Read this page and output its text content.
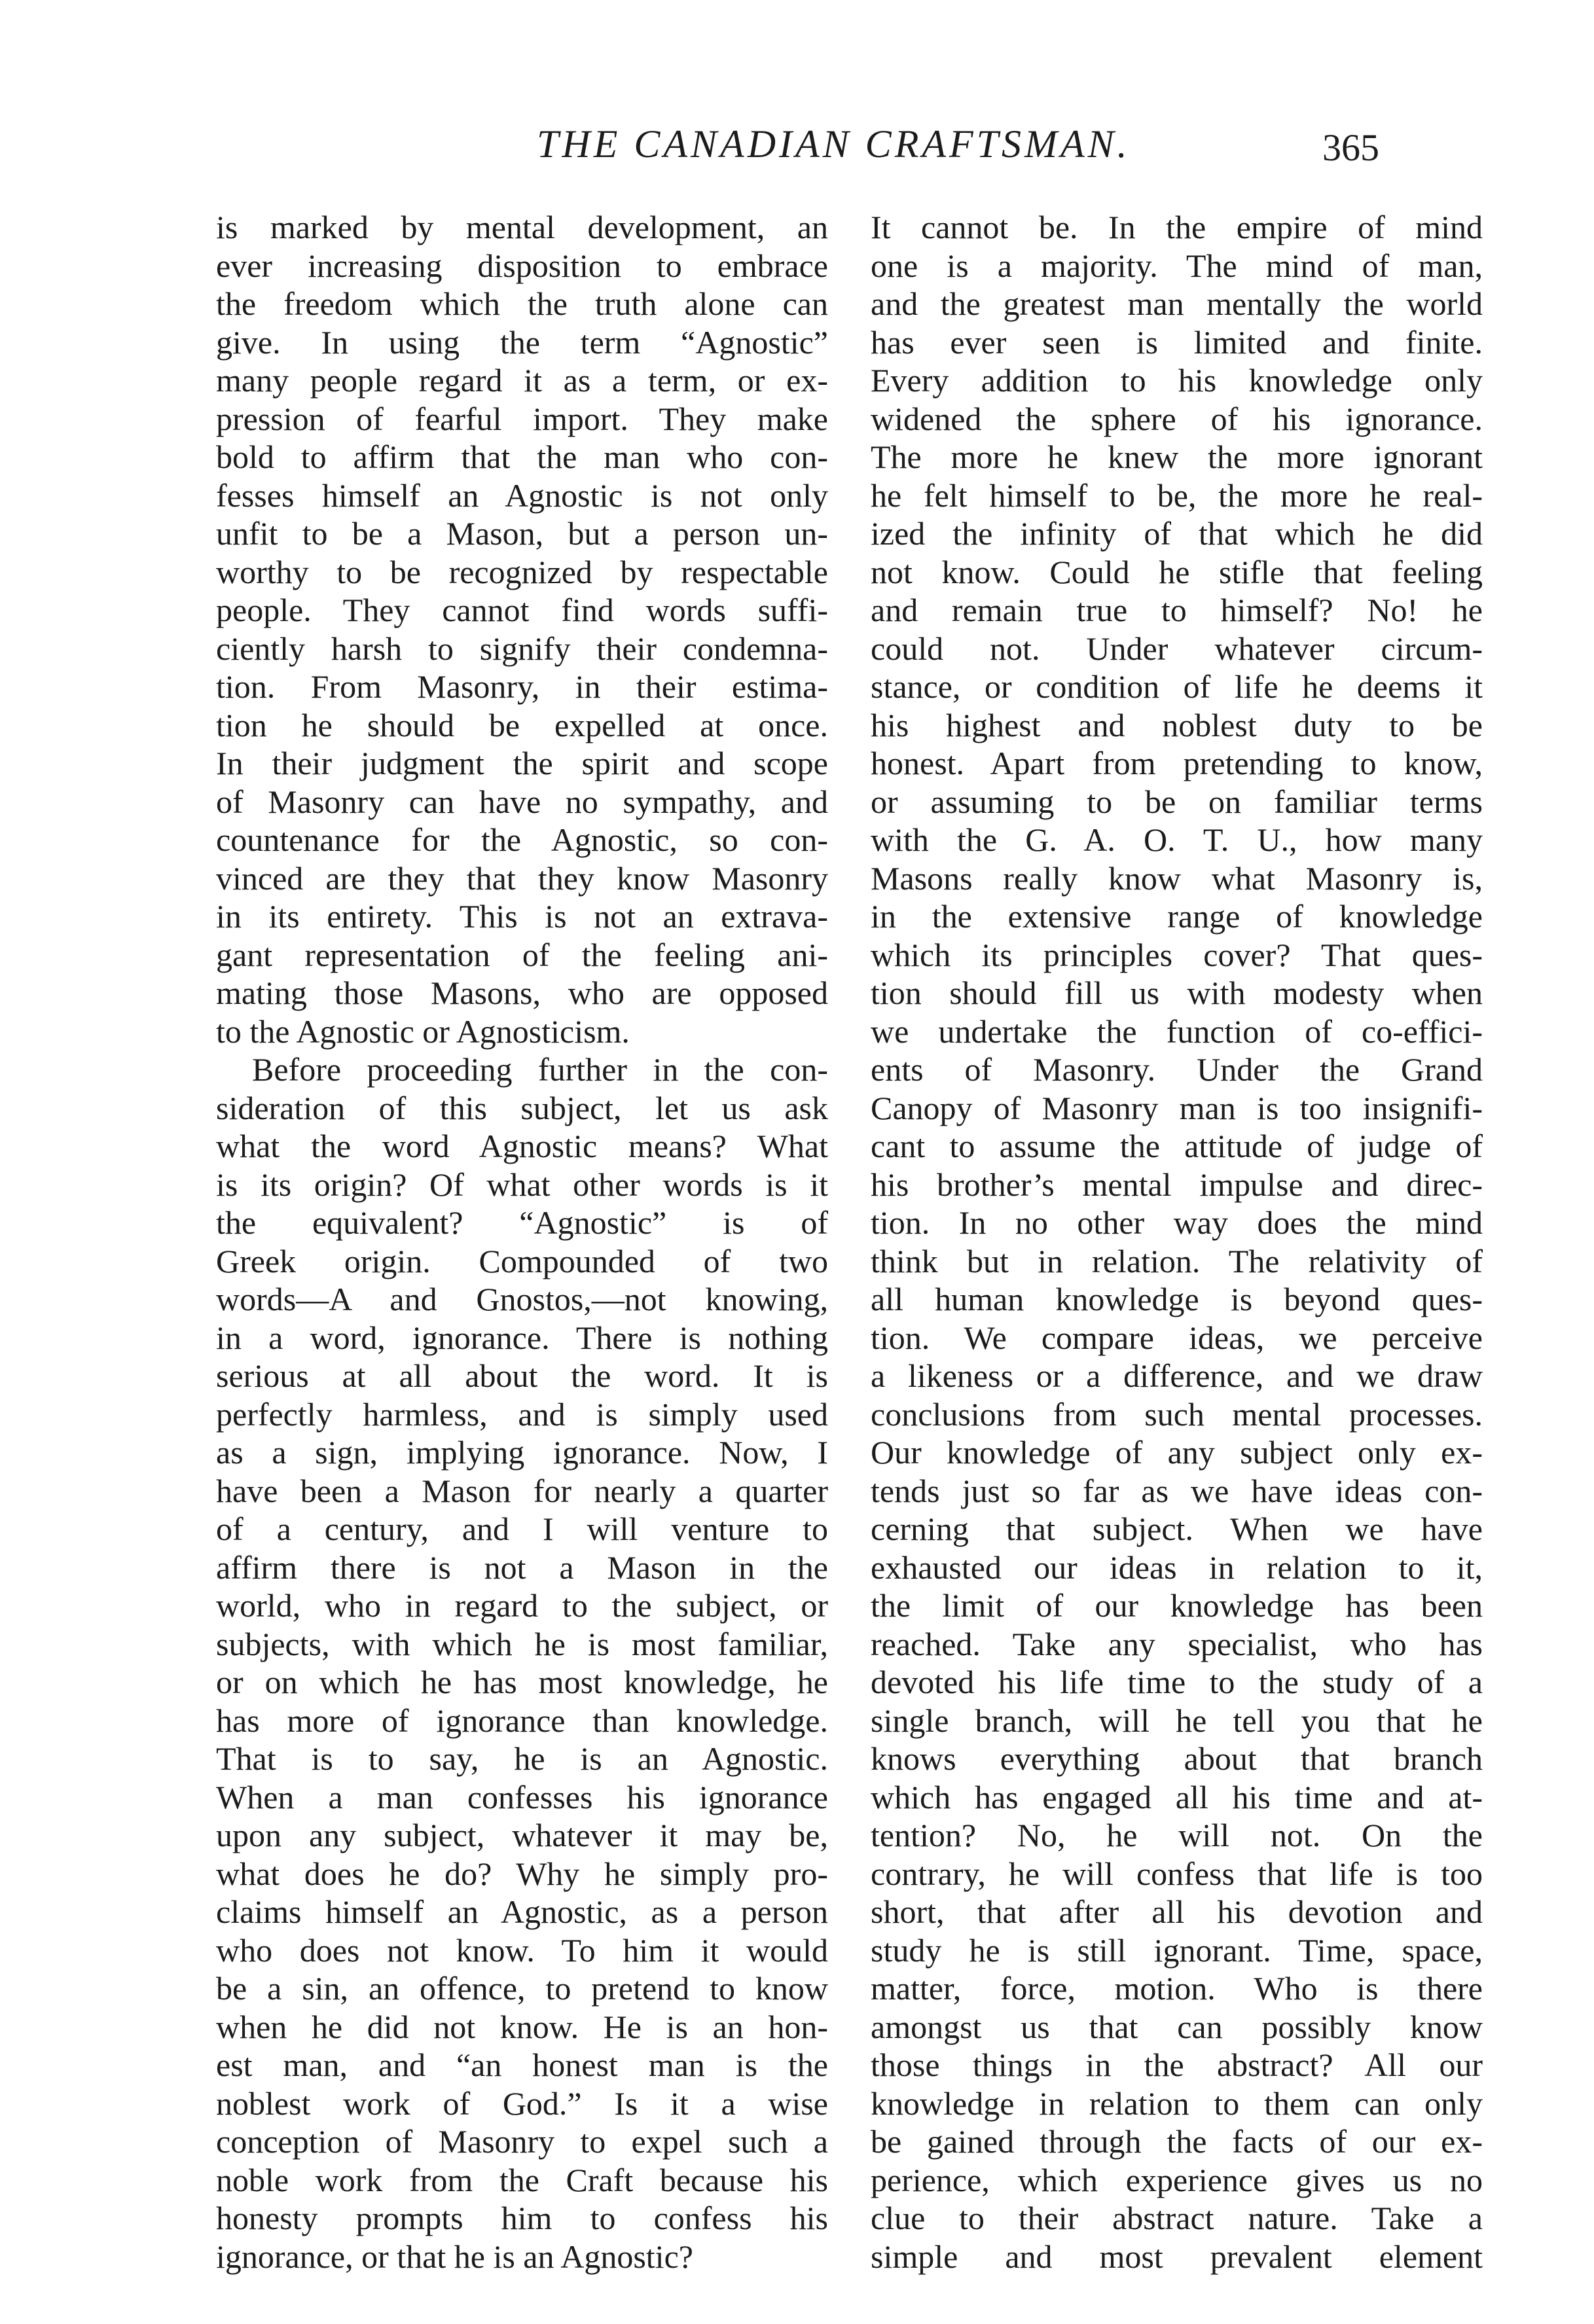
THE CANADIAN CRAFTSMAN.	365
is marked by mental development, an
ever increasing disposition to embrace
the freedom which the truth alone can
give. In using the term “Agnostic”
many people regard it as a term, or ex-
pression of fearful import. They make
bold to affirm that the man who con-
fesses himself an Agnostic is not only
unfit to be a Mason, but a person un-
worthy to be recognized by respectable
people. They cannot find words suffi-
ciently harsh to signify their condemna-
tion. From Masonry, in their estima-
tion he should be expelled at once.
In their judgment the spirit and scope
of Masonry can have no sympathy, and
countenance for the Agnostic, so con-
vinced are they that they know Masonry
in its entirety. This is not an extrava-
gant representation of the feeling ani-
mating those Masons, who are opposed
to the Agnostic or Agnosticism.
Before proceeding further in the con-
sideration of this subject, let us ask
what the word Agnostic means? What
is its origin? Of what other words is it
the equivalent? “Agnostic” is of
Greek origin. Compounded of two
words—A and Gnostos,—not knowing,
in a word, ignorance. There is nothing
serious at all about the word. It is
perfectly harmless, and is simply used
as a sign, implying ignorance. Now, I
have been a Mason for nearly a quarter
of a century, and I will venture to
affirm there is not a Mason in the
world, who in regard to the subject, or
subjects, with which he is most familiar,
or on which he has most knowledge, he
has more of ignorance than knowledge.
That is to say, he is an Agnostic.
When a man confesses his ignorance
upon any subject, whatever it may be,
what does he do? Why he simply pro-
claims himself an Agnostic, as a person
who does not know. To him it would
be a sin, an offence, to pretend to know
when he did not know. He is an hon-
est man, and “an honest man is the
noblest work of God.” Is it a wise
conception of Masonry to expel such a
noble work from the Craft because his
honesty prompts him to confess his
ignorance, or that he is an Agnostic?
It cannot be. In the empire of mind
one is a majority. The mind of man,
and the greatest man mentally the world
has ever seen is limited and finite.
Every addition to his knowledge only
widened the sphere of his ignorance.
The more he knew the more ignorant
he felt himself to be, the more he real-
ized the infinity of that which he did
not know. Could he stifle that feeling
and remain true to himself? No! he
could not. Under whatever circum-
stance, or condition of life he deems it
his highest and noblest duty to be
honest. Apart from pretending to know,
or assuming to be on familiar terms
with the G. A. O. T. U., how many
Masons really know what Masonry is,
in the extensive range of knowledge
which its principles cover? That ques-
tion should fill us with modesty when
we undertake the function of co-effici-
ents of Masonry. Under the Grand
Canopy of Masonry man is too insignifi-
cant to assume the attitude of judge of
his brother’s mental impulse and direc-
tion. In no other way does the mind
think but in relation. The relativity of
all human knowledge is beyond ques-
tion. We compare ideas, we perceive
a likeness or a difference, and we draw
conclusions from such mental processes.
Our knowledge of any subject only ex-
tends just so far as we have ideas con-
cerning that subject. When we have
exhausted our ideas in relation to it,
the limit of our knowledge has been
reached. Take any specialist, who has
devoted his life time to the study of a
single branch, will he tell you that he
knows everything about that branch
which has engaged all his time and at-
tention? No, he will not. On the
contrary, he will confess that life is too
short, that after all his devotion and
study he is still ignorant. Time, space,
matter, force, motion. Who is there
amongst us that can possibly know
those things in the abstract? All our
knowledge in relation to them can only
be gained through the facts of our ex-
perience, which experience gives us no
clue to their abstract nature. Take a
simple and most prevalent element
